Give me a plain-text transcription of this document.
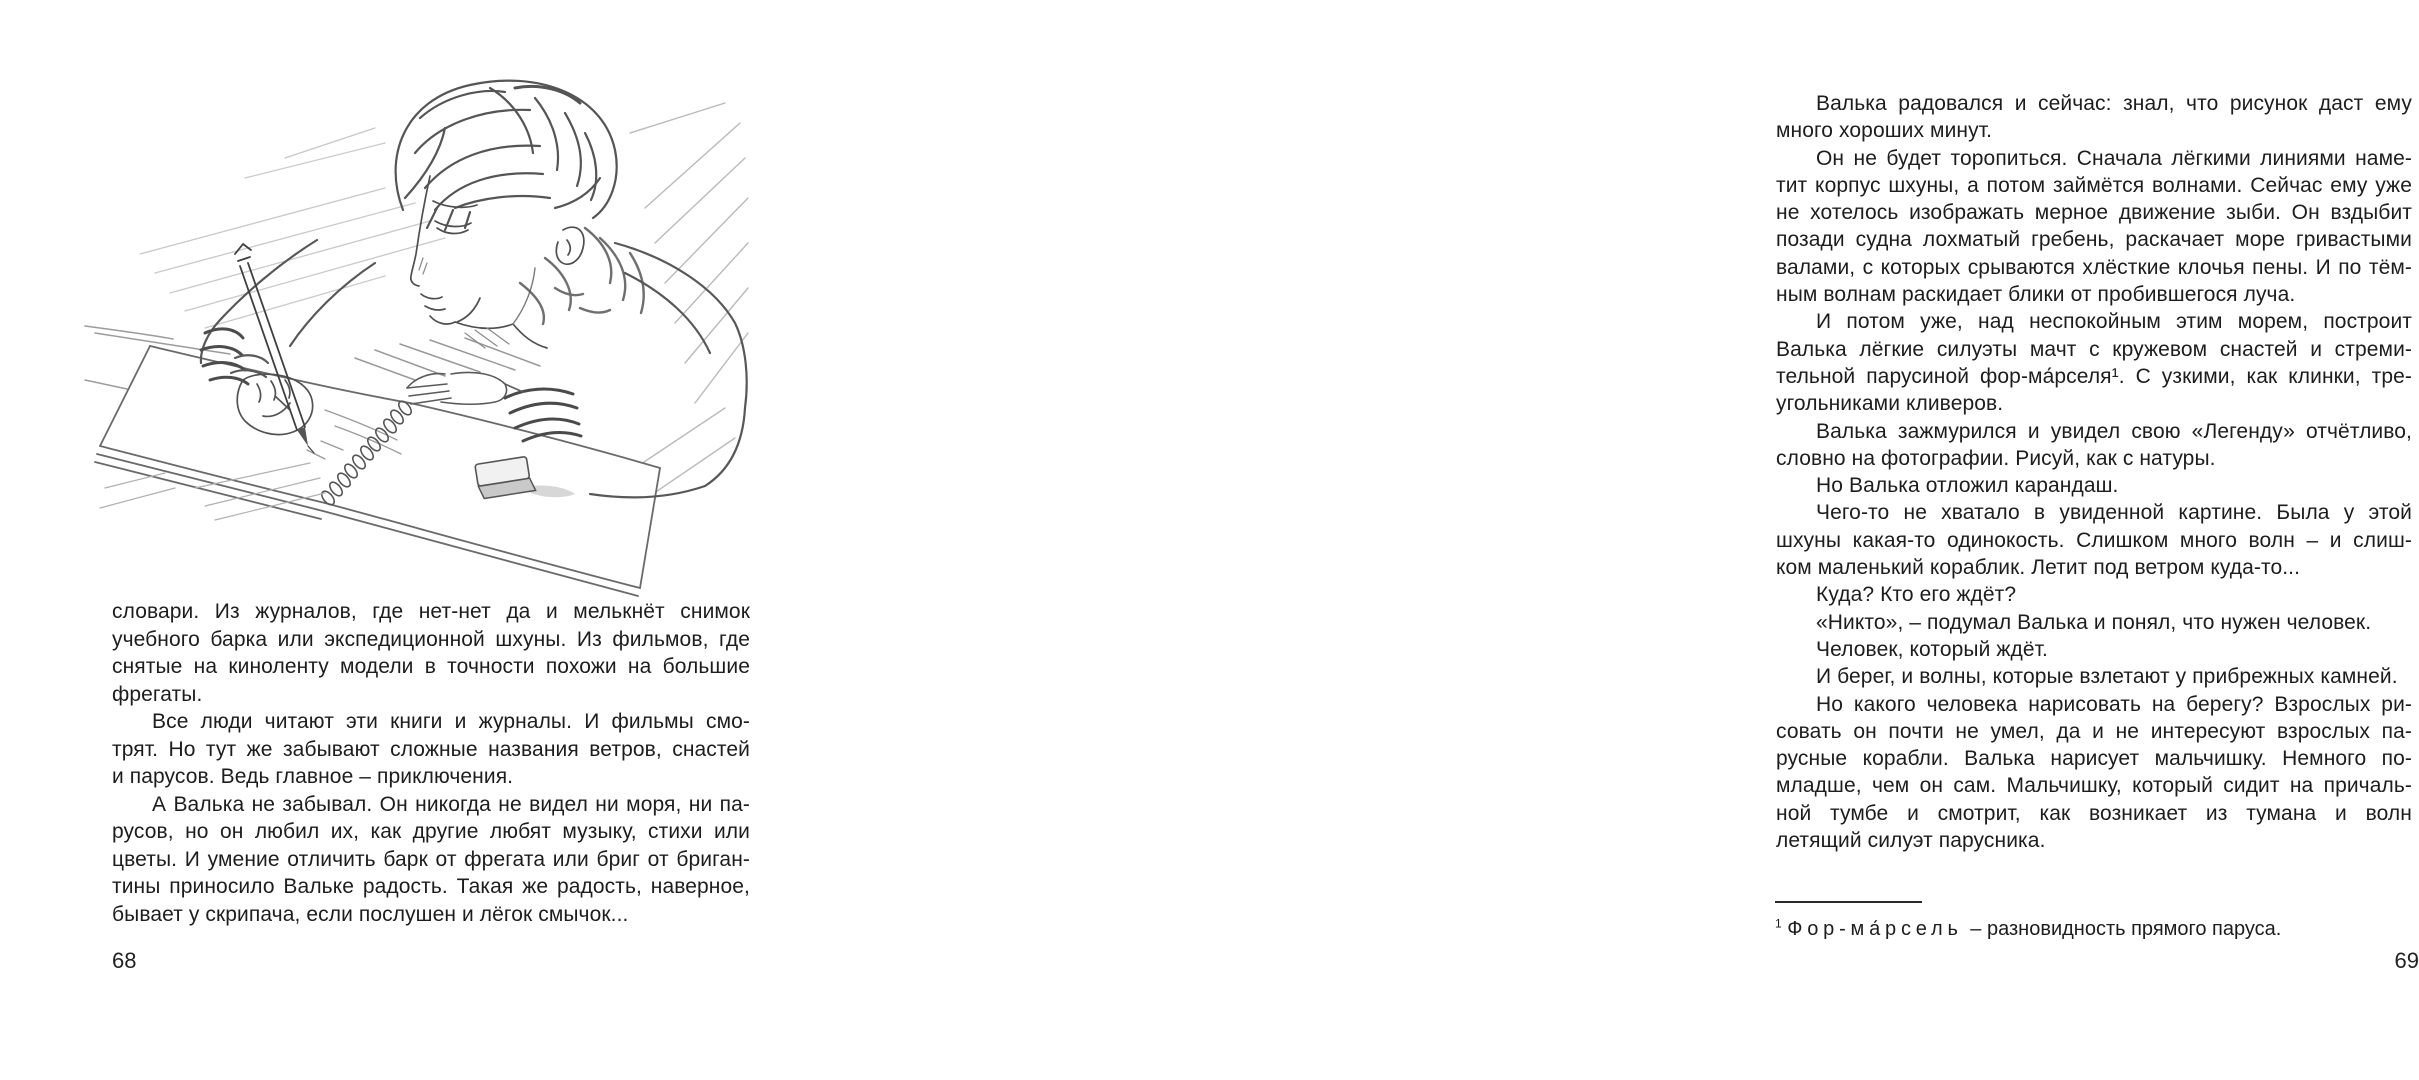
словари. Из журналов, где нет-нет да и мелькнёт снимок
учебного барка или экспедиционной шхуны. Из фильмов, где
снятые на киноленту модели в точности похожи на большие
фрегаты.
Все люди читают эти книги и журналы. И фильмы смо-
трят. Но тут же забывают сложные названия ветров, снастей
и парусов. Ведь главное – приключения.
А Валька не забывал. Он никогда не видел ни моря, ни па-
русов, но он любил их, как другие любят музыку, стихи или
цветы. И умение отличить барк от фрегата или бриг от бриган-
тины приносило Вальке радость. Такая же радость, наверное,
бывает у скрипача, если послушен и лёгок смычок...
68
Валька радовался и сейчас: знал, что рисунок даст ему
много хороших минут.
Он не будет торопиться. Сначала лёгкими линиями наме-
тит корпус шхуны, а потом займётся волнами. Сейчас ему уже
не хотелось изображать мерное движение зыби. Он вздыбит
позади судна лохматый гребень, раскачает море гривастыми
валами, с которых срываются хлёсткие клочья пены. И по тём-
ным волнам раскидает блики от пробившегося луча.
И потом уже, над неспокойным этим морем, построит
Валька лёгкие силуэты мачт с кружевом снастей и стреми-
тельной парусиной фор-ма́рселя¹. С узкими, как клинки, тре-
угольниками кливеров.
Валька зажмурился и увидел свою «Легенду» отчётливо,
словно на фотографии. Рисуй, как с натуры.
Но Валька отложил карандаш.
Чего-то не хватало в увиденной картине. Была у этой
шхуны какая-то одинокость. Слишком много волн – и слиш-
ком маленький кораблик. Летит под ветром куда-то...
Куда? Кто его ждёт?
«Никто», – подумал Валька и понял, что нужен человек.
Человек, который ждёт.
И берег, и волны, которые взлетают у прибрежных камней.
Но какого человека нарисовать на берегу? Взрослых ри-
совать он почти не умел, да и не интересуют взрослых па-
русные корабли. Валька нарисует мальчишку. Немного по-
младше, чем он сам. Мальчишку, который сидит на причаль-
ной тумбе и смотрит, как возникает из тумана и волн
летящий силуэт парусника.
$^1$ Фор-ма́рсель – разновидность прямого паруса.
69
